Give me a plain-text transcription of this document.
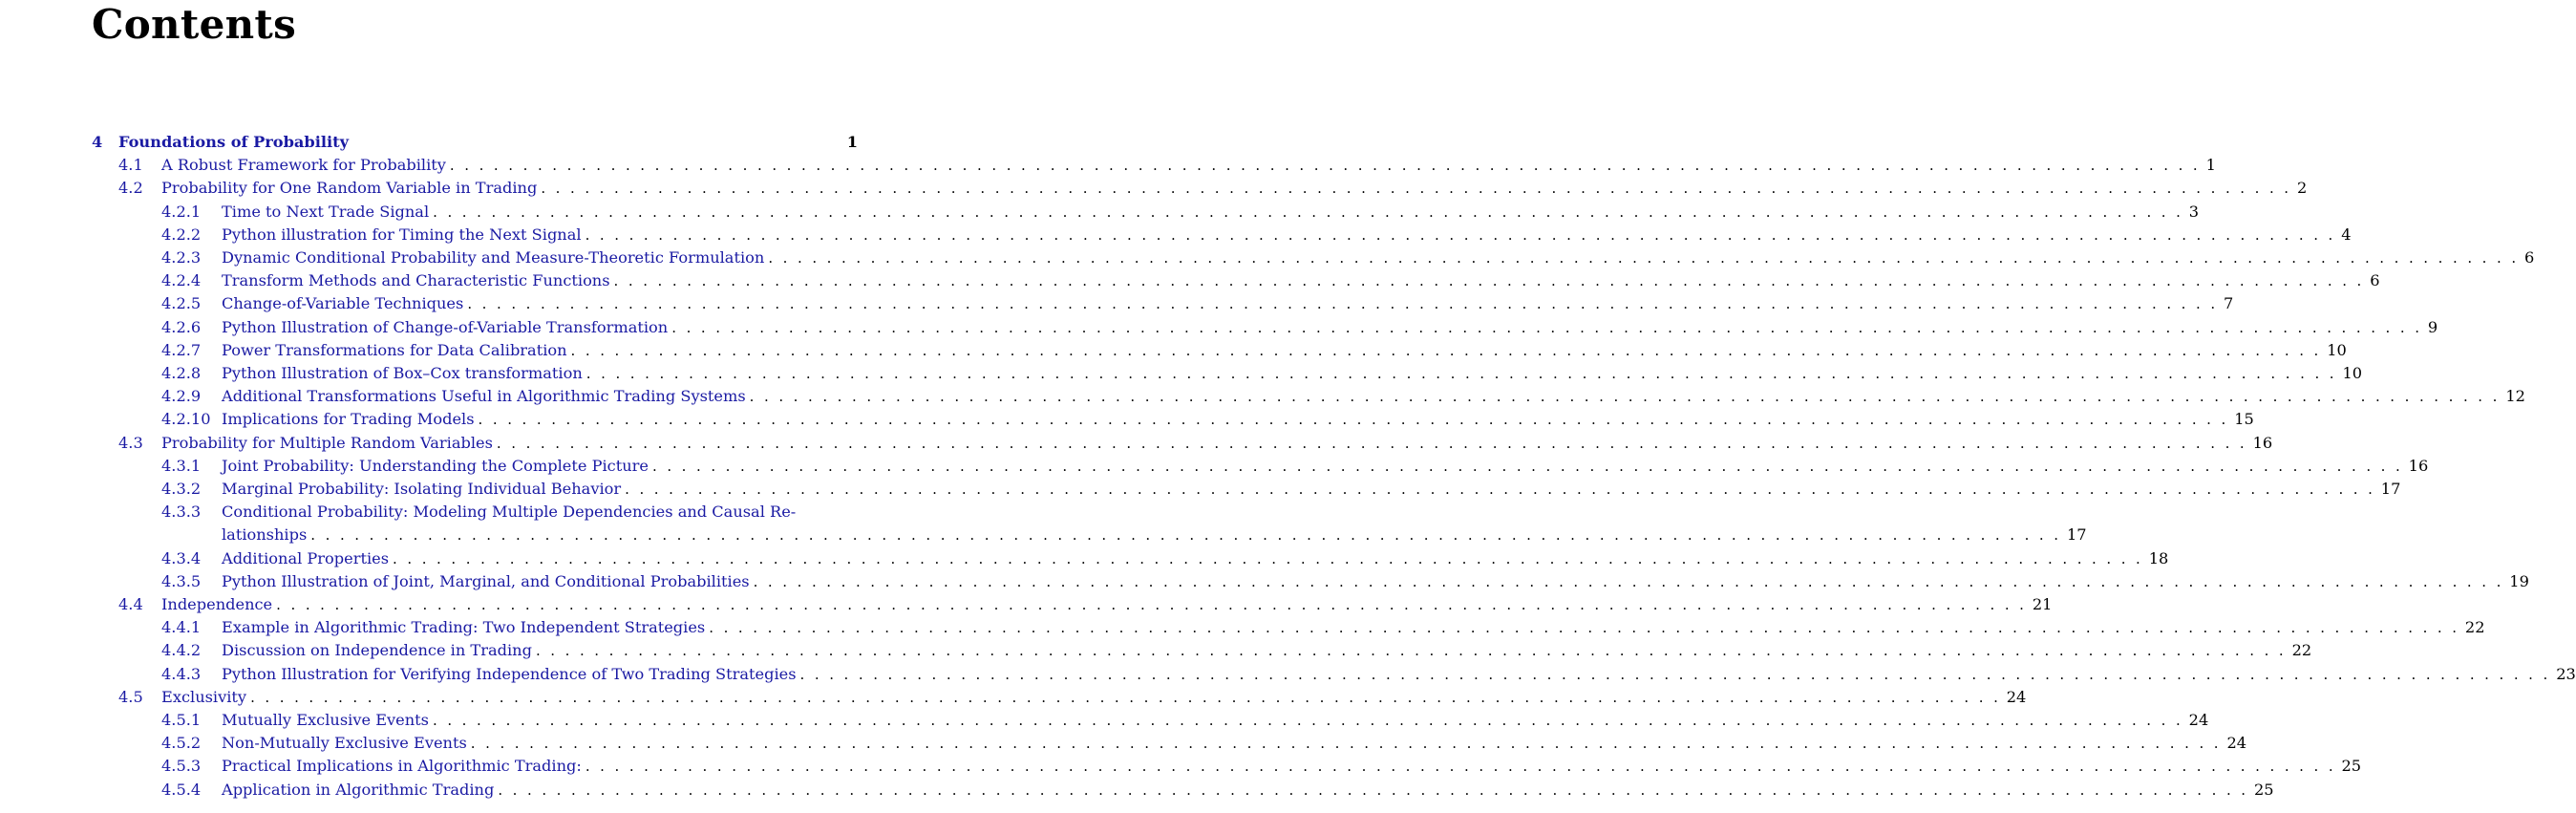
Contents
4	Foundations of Probability	1
4.1	A Robust Framework for Probability . . . . . . . . . . . . . . . . . . . . . . . . . . . . . . . . . . . . . . . . . . . . . . . . . . . . . . . . . . . . . . . . . . . . . . . . . . . . . . . . . . . . . . . . . . . . . . . . . . . . . . . . . . . . . . . . . . . . . . . . 1
4.2	Probability for One Random Variable in Trading . . . . . . . . . . . . . . . . . . . . . . . . . . . . . . . . . . . . . . . . . . . . . . . . . . . . . . . . . . . . . . . . . . . . . . . . . . . . . . . . . . . . . . . . . . . . . . . . . . . . . . . . . . . . . . . . . . . . . . . . 2
4.2.1	Time to Next Trade Signal . . . . . . . . . . . . . . . . . . . . . . . . . . . . . . . . . . . . . . . . . . . . . . . . . . . . . . . . . . . . . . . . . . . . . . . . . . . . . . . . . . . . . . . . . . . . . . . . . . . . . . . . . . . . . . . . . . . . . . . . 3
4.2.2	Python illustration for Timing the Next Signal . . . . . . . . . . . . . . . . . . . . . . . . . . . . . . . . . . . . . . . . . . . . . . . . . . . . . . . . . . . . . . . . . . . . . . . . . . . . . . . . . . . . . . . . . . . . . . . . . . . . . . . . . . . . . . . . . . . . . . . . 4
4.2.3	Dynamic Conditional Probability and Measure-Theoretic Formulation . . . . . . . . . . . . . . . . . . . . . . . . . . . . . . . . . . . . . . . . . . . . . . . . . . . . . . . . . . . . . . . . . . . . . . . . . . . . . . . . . . . . . . . . . . . . . . . . . . . . . . . . . . . . . . . . . . . . . . . . 6
4.2.4	Transform Methods and Characteristic Functions . . . . . . . . . . . . . . . . . . . . . . . . . . . . . . . . . . . . . . . . . . . . . . . . . . . . . . . . . . . . . . . . . . . . . . . . . . . . . . . . . . . . . . . . . . . . . . . . . . . . . . . . . . . . . . . . . . . . . . . . 6
4.2.5	Change-of-Variable Techniques . . . . . . . . . . . . . . . . . . . . . . . . . . . . . . . . . . . . . . . . . . . . . . . . . . . . . . . . . . . . . . . . . . . . . . . . . . . . . . . . . . . . . . . . . . . . . . . . . . . . . . . . . . . . . . . . . . . . . . . . 7
4.2.6	Python Illustration of Change-of-Variable Transformation . . . . . . . . . . . . . . . . . . . . . . . . . . . . . . . . . . . . . . . . . . . . . . . . . . . . . . . . . . . . . . . . . . . . . . . . . . . . . . . . . . . . . . . . . . . . . . . . . . . . . . . . . . . . . . . . . . . . . . . . 9
4.2.7	Power Transformations for Data Calibration . . . . . . . . . . . . . . . . . . . . . . . . . . . . . . . . . . . . . . . . . . . . . . . . . . . . . . . . . . . . . . . . . . . . . . . . . . . . . . . . . . . . . . . . . . . . . . . . . . . . . . . . . . . . . . . . . . . . . . . . 10
4.2.8	Python Illustration of Box–Cox transformation . . . . . . . . . . . . . . . . . . . . . . . . . . . . . . . . . . . . . . . . . . . . . . . . . . . . . . . . . . . . . . . . . . . . . . . . . . . . . . . . . . . . . . . . . . . . . . . . . . . . . . . . . . . . . . . . . . . . . . . . 10
4.2.9	Additional Transformations Useful in Algorithmic Trading Systems . . . . . . . . . . . . . . . . . . . . . . . . . . . . . . . . . . . . . . . . . . . . . . . . . . . . . . . . . . . . . . . . . . . . . . . . . . . . . . . . . . . . . . . . . . . . . . . . . . . . . . . . . . . . . . . . . . . . . . . . 12
4.2.10 Implications for Trading Models . . . . . . . . . . . . . . . . . . . . . . . . . . . . . . . . . . . . . . . . . . . . . . . . . . . . . . . . . . . . . . . . . . . . . . . . . . . . . . . . . . . . . . . . . . . . . . . . . . . . . . . . . . . . . . . . . . . . . . . . 15
4.3	Probability for Multiple Random Variables . . . . . . . . . . . . . . . . . . . . . . . . . . . . . . . . . . . . . . . . . . . . . . . . . . . . . . . . . . . . . . . . . . . . . . . . . . . . . . . . . . . . . . . . . . . . . . . . . . . . . . . . . . . . . . . . . . . . . . . . 16
4.3.1	Joint Probability: Understanding the Complete Picture . . . . . . . . . . . . . . . . . . . . . . . . . . . . . . . . . . . . . . . . . . . . . . . . . . . . . . . . . . . . . . . . . . . . . . . . . . . . . . . . . . . . . . . . . . . . . . . . . . . . . . . . . . . . . . . . . . . . . . . . 16
4.3.2	Marginal Probability: Isolating Individual Behavior . . . . . . . . . . . . . . . . . . . . . . . . . . . . . . . . . . . . . . . . . . . . . . . . . . . . . . . . . . . . . . . . . . . . . . . . . . . . . . . . . . . . . . . . . . . . . . . . . . . . . . . . . . . . . . . . . . . . . . . . 17
4.3.3	Conditional Probability: Modeling Multiple Dependencies and Causal Re-
lationships . . . . . . . . . . . . . . . . . . . . . . . . . . . . . . . . . . . . . . . . . . . . . . . . . . . . . . . . . . . . . . . . . . . . . . . . . . . . . . . . . . . . . . . . . . . . . . . . . . . . . . . . . . . . . . . . . . . . . . . . 17
4.3.4	Additional Properties . . . . . . . . . . . . . . . . . . . . . . . . . . . . . . . . . . . . . . . . . . . . . . . . . . . . . . . . . . . . . . . . . . . . . . . . . . . . . . . . . . . . . . . . . . . . . . . . . . . . . . . . . . . . . . . . . . . . . . . . 18
4.3.5	Python Illustration of Joint, Marginal, and Conditional Probabilities . . . . . . . . . . . . . . . . . . . . . . . . . . . . . . . . . . . . . . . . . . . . . . . . . . . . . . . . . . . . . . . . . . . . . . . . . . . . . . . . . . . . . . . . . . . . . . . . . . . . . . . . . . . . . . . . . . . . . . . . 19
4.4	Independence . . . . . . . . . . . . . . . . . . . . . . . . . . . . . . . . . . . . . . . . . . . . . . . . . . . . . . . . . . . . . . . . . . . . . . . . . . . . . . . . . . . . . . . . . . . . . . . . . . . . . . . . . . . . . . . . . . . . . . . . 21
4.4.1	Example in Algorithmic Trading: Two Independent Strategies . . . . . . . . . . . . . . . . . . . . . . . . . . . . . . . . . . . . . . . . . . . . . . . . . . . . . . . . . . . . . . . . . . . . . . . . . . . . . . . . . . . . . . . . . . . . . . . . . . . . . . . . . . . . . . . . . . . . . . . . 22
4.4.2	Discussion on Independence in Trading . . . . . . . . . . . . . . . . . . . . . . . . . . . . . . . . . . . . . . . . . . . . . . . . . . . . . . . . . . . . . . . . . . . . . . . . . . . . . . . . . . . . . . . . . . . . . . . . . . . . . . . . . . . . . . . . . . . . . . . . 22
4.4.3	Python Illustration for Verifying Independence of Two Trading Strategies . . . . . . . . . . . . . . . . . . . . . . . . . . . . . . . . . . . . . . . . . . . . . . . . . . . . . . . . . . . . . . . . . . . . . . . . . . . . . . . . . . . . . . . . . . . . . . . . . . . . . . . . . . . . . . . . . . . . . . . . 23
4.5	Exclusivity . . . . . . . . . . . . . . . . . . . . . . . . . . . . . . . . . . . . . . . . . . . . . . . . . . . . . . . . . . . . . . . . . . . . . . . . . . . . . . . . . . . . . . . . . . . . . . . . . . . . . . . . . . . . . . . . . . . . . . . . 24
4.5.1	Mutually Exclusive Events . . . . . . . . . . . . . . . . . . . . . . . . . . . . . . . . . . . . . . . . . . . . . . . . . . . . . . . . . . . . . . . . . . . . . . . . . . . . . . . . . . . . . . . . . . . . . . . . . . . . . . . . . . . . . . . . . . . . . . . . 24
4.5.2	Non-Mutually Exclusive Events . . . . . . . . . . . . . . . . . . . . . . . . . . . . . . . . . . . . . . . . . . . . . . . . . . . . . . . . . . . . . . . . . . . . . . . . . . . . . . . . . . . . . . . . . . . . . . . . . . . . . . . . . . . . . . . . . . . . . . . . 24
4.5.3	Practical Implications in Algorithmic Trading: . . . . . . . . . . . . . . . . . . . . . . . . . . . . . . . . . . . . . . . . . . . . . . . . . . . . . . . . . . . . . . . . . . . . . . . . . . . . . . . . . . . . . . . . . . . . . . . . . . . . . . . . . . . . . . . . . . . . . . . . 25
4.5.4	Application in Algorithmic Trading . . . . . . . . . . . . . . . . . . . . . . . . . . . . . . . . . . . . . . . . . . . . . . . . . . . . . . . . . . . . . . . . . . . . . . . . . . . . . . . . . . . . . . . . . . . . . . . . . . . . . . . . . . . . . . . . . . . . . . . . 25
